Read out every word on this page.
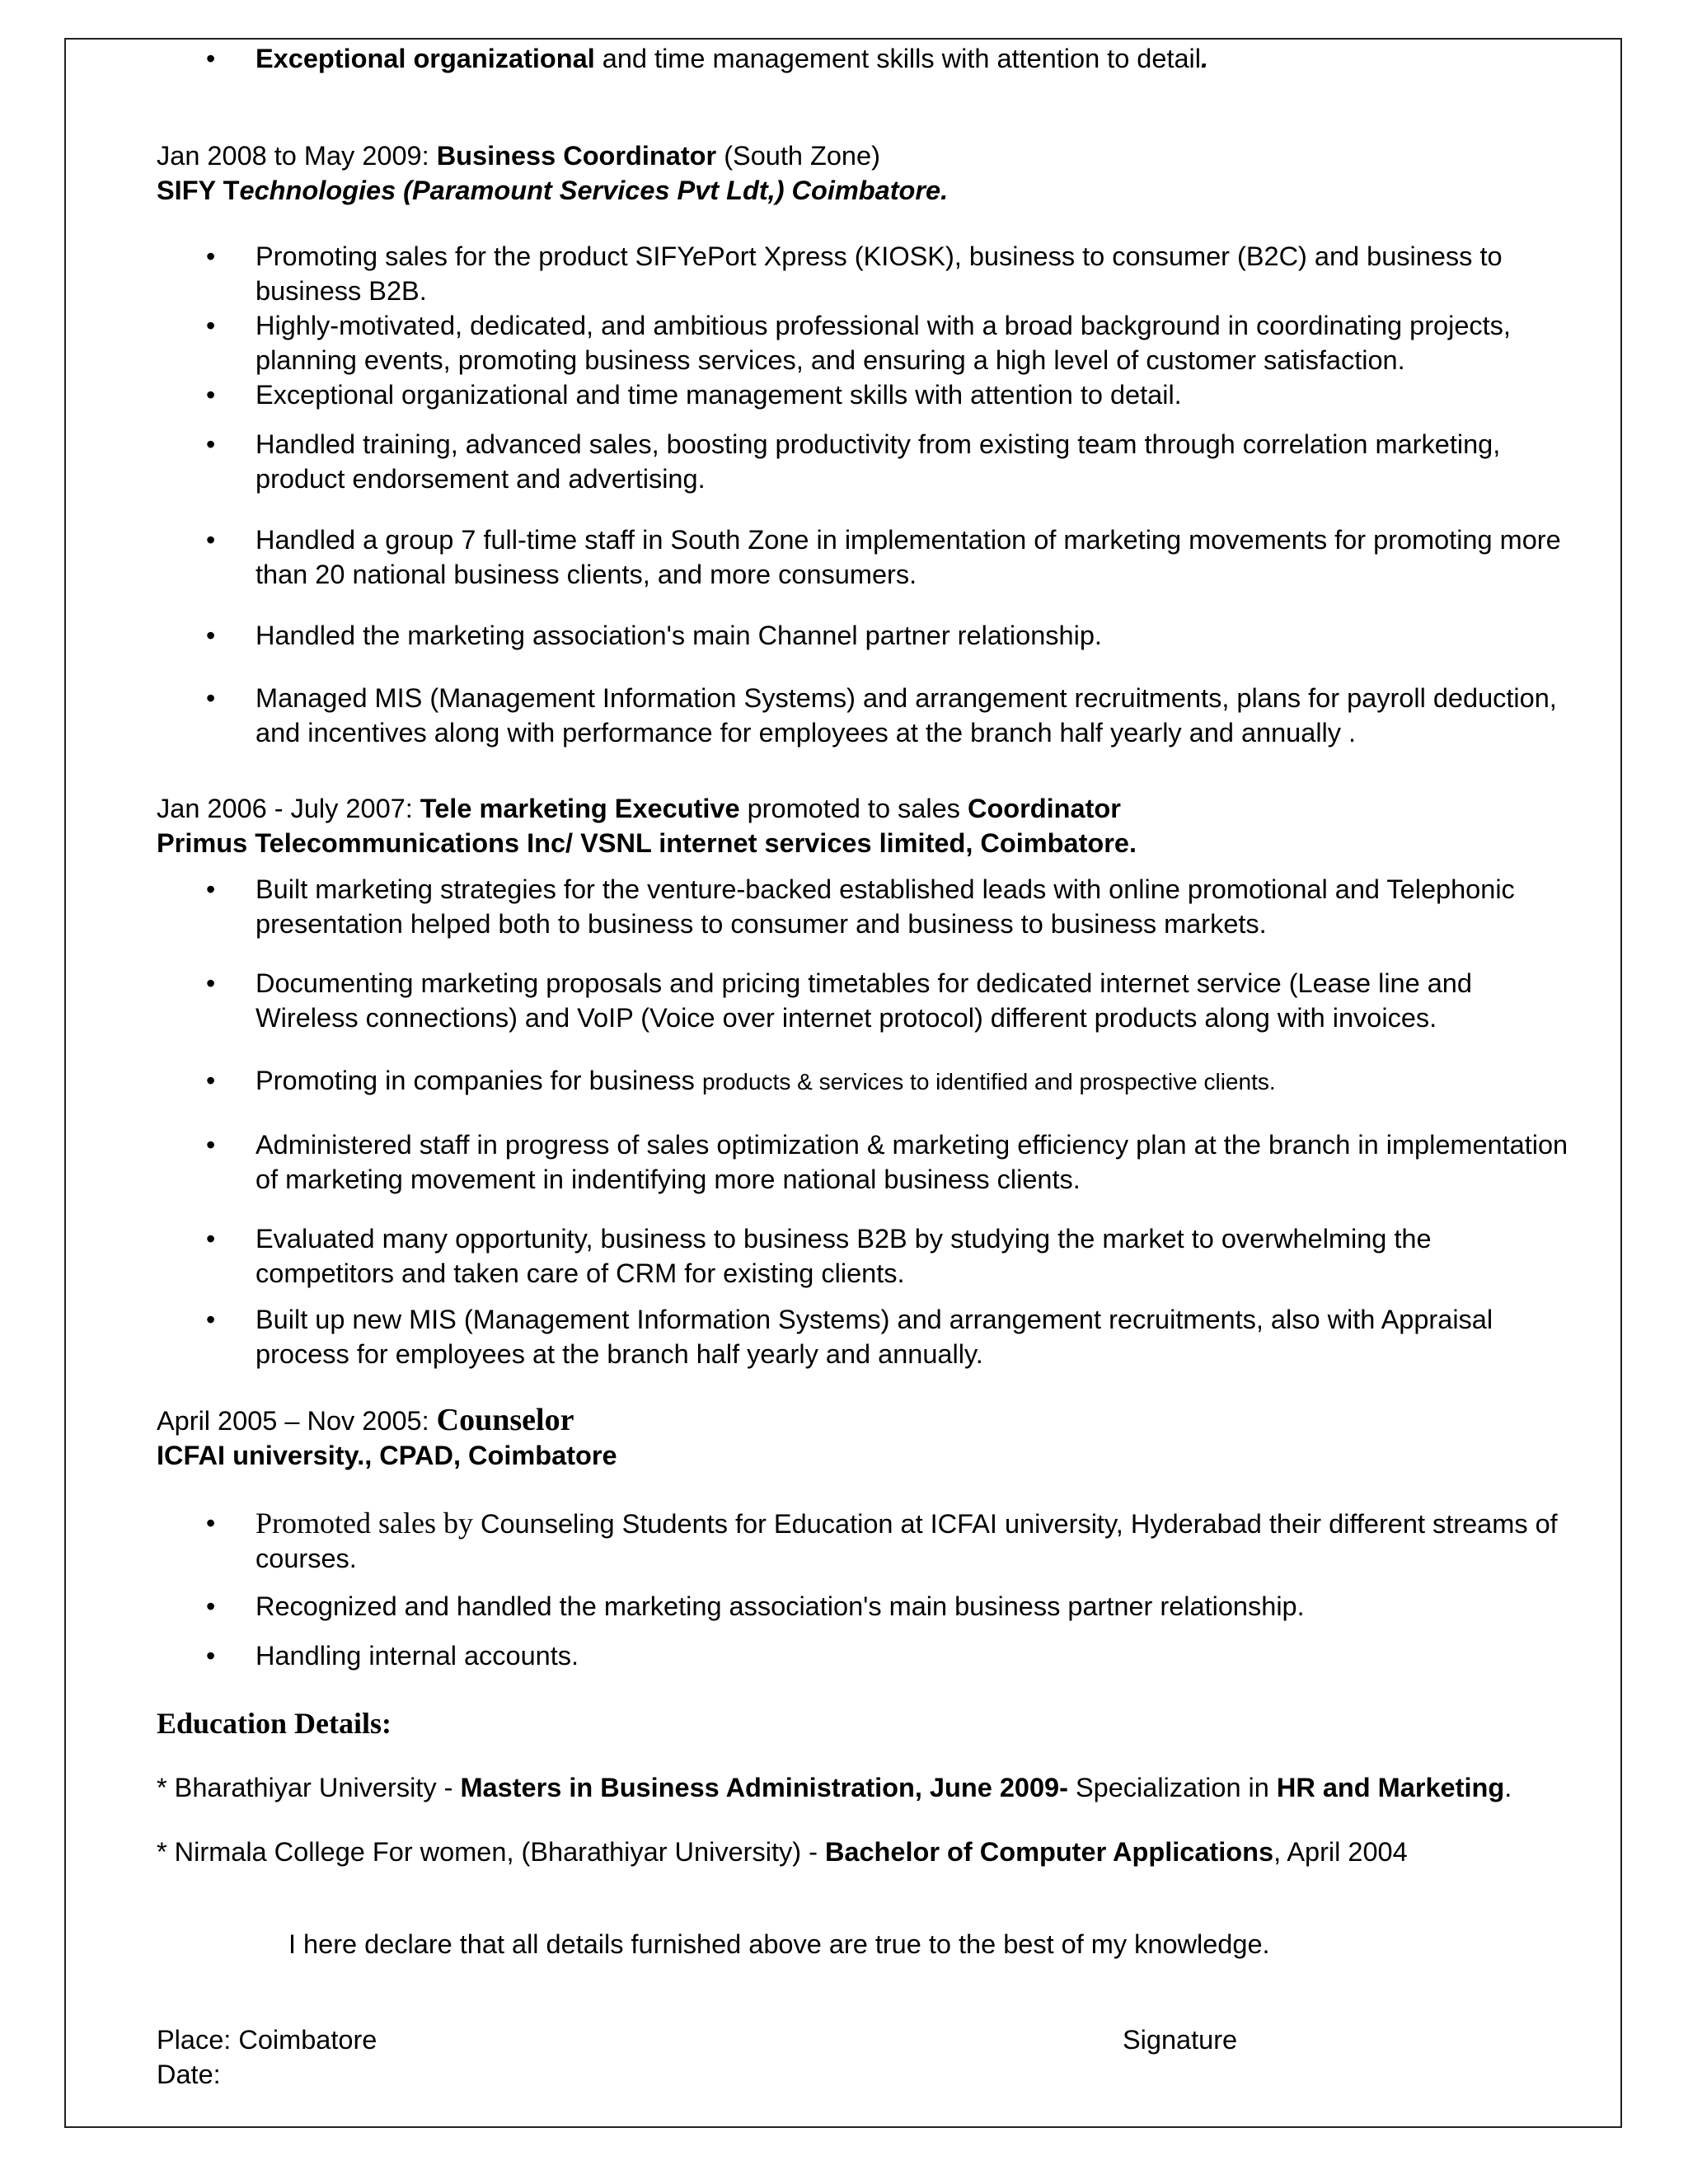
• Exceptional organizational and time management skills with attention to detail.

Jan 2008 to May 2009: Business Coordinator (South Zone)

SIFY Technologies (Paramount Services Pvt Ldt,) Coimbatore.

• Promoting sales for the product SIFYePort Xpress (KIOSK), business to consumer (B2C) and business to business B2B.
• Highly-motivated, dedicated, and ambitious professional with a broad background in coordinating projects, planning events, promoting business services, and ensuring a high level of customer satisfaction.
• Exceptional organizational and time management skills with attention to detail.
• Handled training, advanced sales, boosting productivity from existing team through correlation marketing, product endorsement and advertising.
• Handled a group 7 full-time staff in South Zone in implementation of marketing movements for promoting more than 20 national business clients, and more consumers.
• Handled the marketing association's main Channel partner relationship.
• Managed MIS (Management Information Systems) and arrangement recruitments, plans for payroll deduction, and incentives along with performance for employees at the branch half yearly and annually .

Jan 2006 - July 2007: Tele marketing Executive promoted to sales Coordinator

Primus Telecommunications Inc/ VSNL internet services limited, Coimbatore.

• Built marketing strategies for the venture-backed established leads with online promotional and Telephonic presentation helped both to business to consumer and business to business markets.
• Documenting marketing proposals and pricing timetables for dedicated internet service (Lease line and Wireless connections) and VoIP (Voice over internet protocol) different products along with invoices.
• Promoting in companies for business products & services to identified and prospective clients.
• Administered staff in progress of sales optimization & marketing efficiency plan at the branch in implementation of marketing movement in indentifying more national business clients.
• Evaluated many opportunity, business to business B2B by studying the market to overwhelming the competitors and taken care of CRM for existing clients.
• Built up new MIS (Management Information Systems) and arrangement recruitments, also with Appraisal process for employees at the branch half yearly and annually.

April 2005 – Nov 2005: Counselor

ICFAI university., CPAD, Coimbatore

• Promoted sales by Counseling Students for Education at ICFAI university, Hyderabad their different streams of courses.
• Recognized and handled the marketing association's main business partner relationship.
• Handling internal accounts.

Education Details:

* Bharathiyar University - Masters in Business Administration, June 2009- Specialization in HR and Marketing.

* Nirmala College For women, (Bharathiyar University) - Bachelor of Computer Applications, April 2004

I here declare that all details furnished above are true to the best of my knowledge.

Place: Coimbatore	Signature

Date:
